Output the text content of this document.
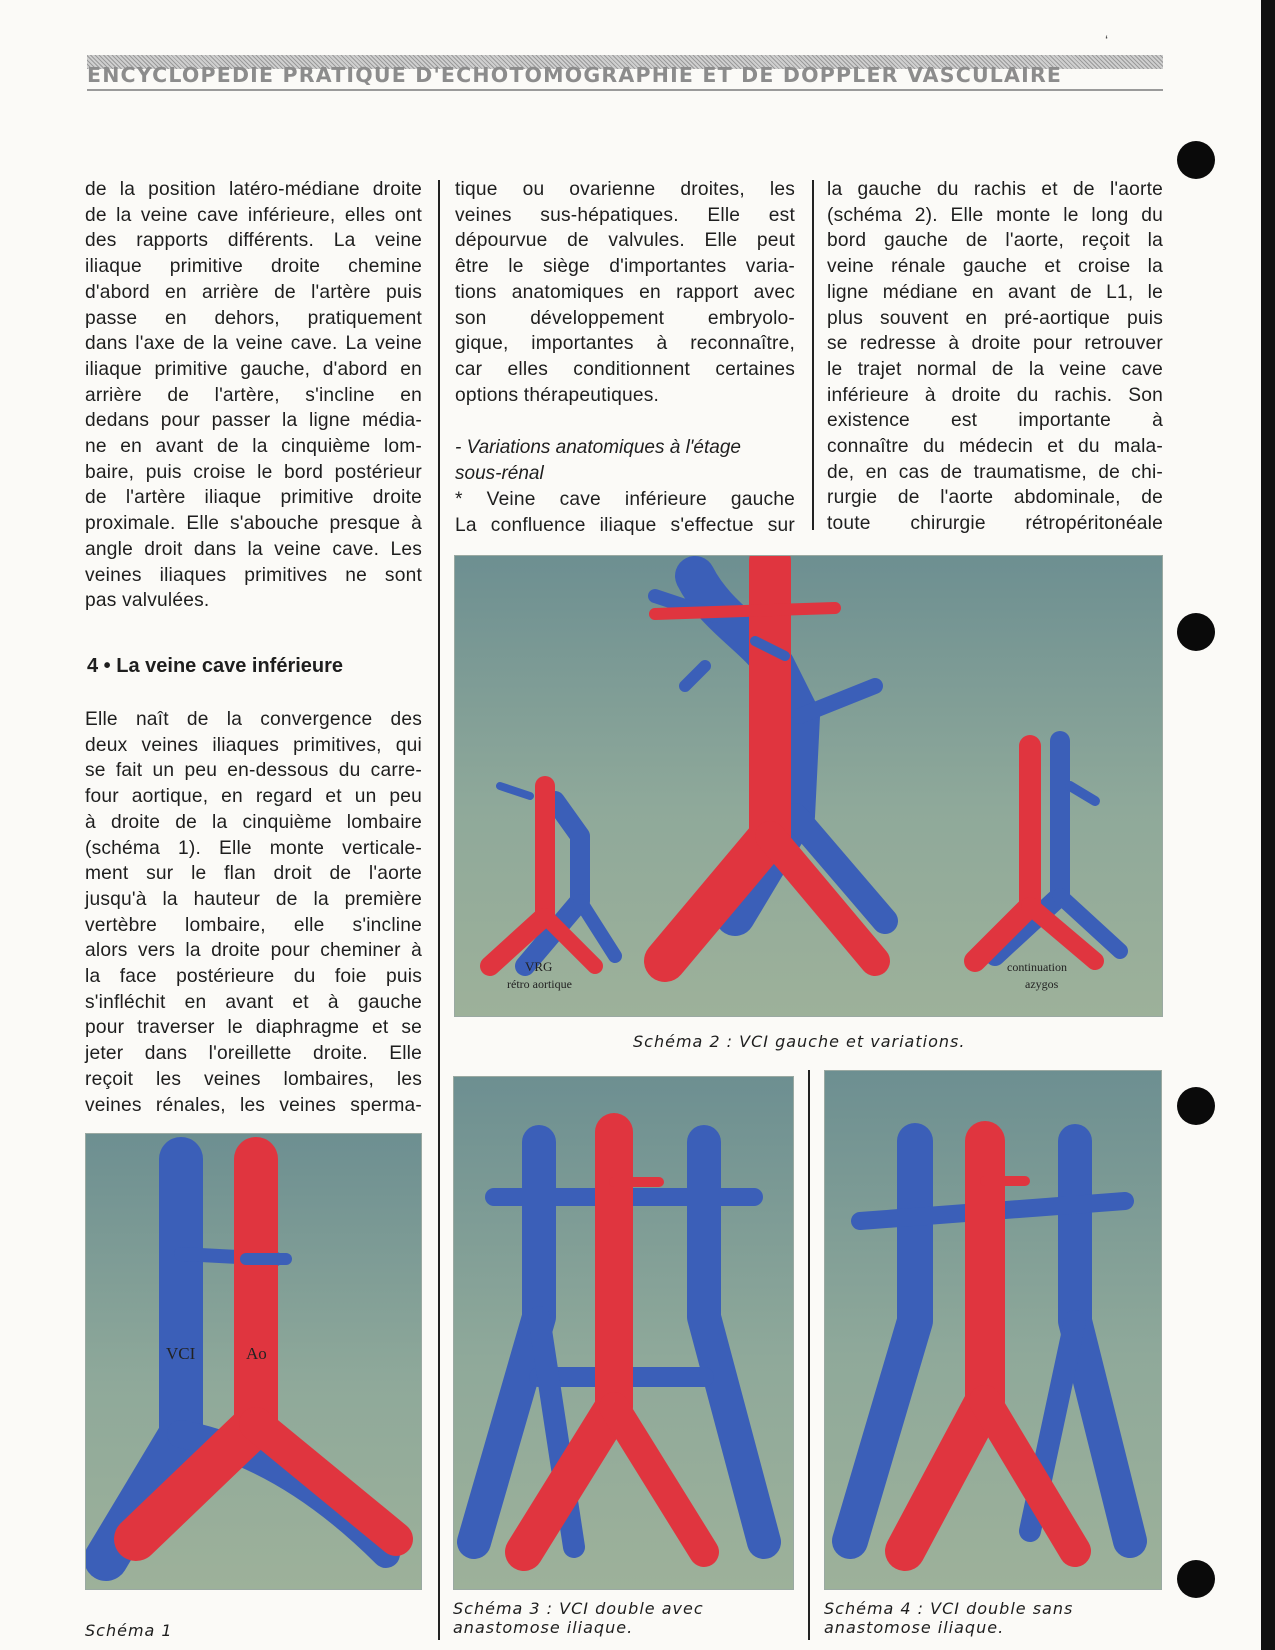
‘
ENCYCLOPEDIE PRATIQUE D'ECHOTOMOGRAPHIE ET DE DOPPLER VASCULAIRE
de la position latéro-médiane droite
de la veine cave inférieure, elles ont
des rapports différents. La veine
iliaque primitive droite chemine
d'abord en arrière de l'artère puis
passe en dehors, pratiquement
dans l'axe de la veine cave. La veine
iliaque primitive gauche, d'abord en
arrière de l'artère, s'incline en
dedans pour passer la ligne média-
ne en avant de la cinquième lom-
baire, puis croise le bord postérieur
de l'artère iliaque primitive droite
proximale. Elle s'abouche presque à
angle droit dans la veine cave. Les
veines iliaques primitives ne sont
pas valvulées.
4 • La veine cave inférieure
Elle naît de la convergence des
deux veines iliaques primitives, qui
se fait un peu en-dessous du carre-
four aortique, en regard et un peu
à droite de la cinquième lombaire
(schéma 1). Elle monte verticale-
ment sur le flan droit de l'aorte
jusqu'à la hauteur de la première
vertèbre lombaire, elle s'incline
alors vers la droite pour cheminer à
la face postérieure du foie puis
s'infléchit en avant et à gauche
pour traverser le diaphragme et se
jeter dans l'oreillette droite. Elle
reçoit les veines lombaires, les
veines rénales, les veines sperma-
tique ou ovarienne droites, les
veines sus-hépatiques. Elle est
dépourvue de valvules. Elle peut
être le siège d'importantes varia-
tions anatomiques en rapport avec
son développement embryolo-
gique, importantes à reconnaître,
car elles conditionnent certaines
options thérapeutiques.
- Variations anatomiques à l'étage
sous-rénal
* Veine cave inférieure gauche
La confluence iliaque s'effectue sur
la gauche du rachis et de l'aorte
(schéma 2). Elle monte le long du
bord gauche de l'aorte, reçoit la
veine rénale gauche et croise la
ligne médiane en avant de L1, le
plus souvent en pré-aortique puis
se redresse à droite pour retrouver
le trajet normal de la veine cave
inférieure à droite du rachis. Son
existence est importante à
connaître du médecin et du mala-
de, en cas de traumatisme, de chi-
rurgie de l'aorte abdominale, de
toute chirurgie rétropéritonéale
VRG
rétro aortique
continuation
azygos
Schéma 2 : VCI gauche et variations.
VCI	Ao
Schéma 1
Schéma 3 : VCI double avec
anastomose iliaque.
Schéma 4 : VCI double sans
anastomose iliaque.
